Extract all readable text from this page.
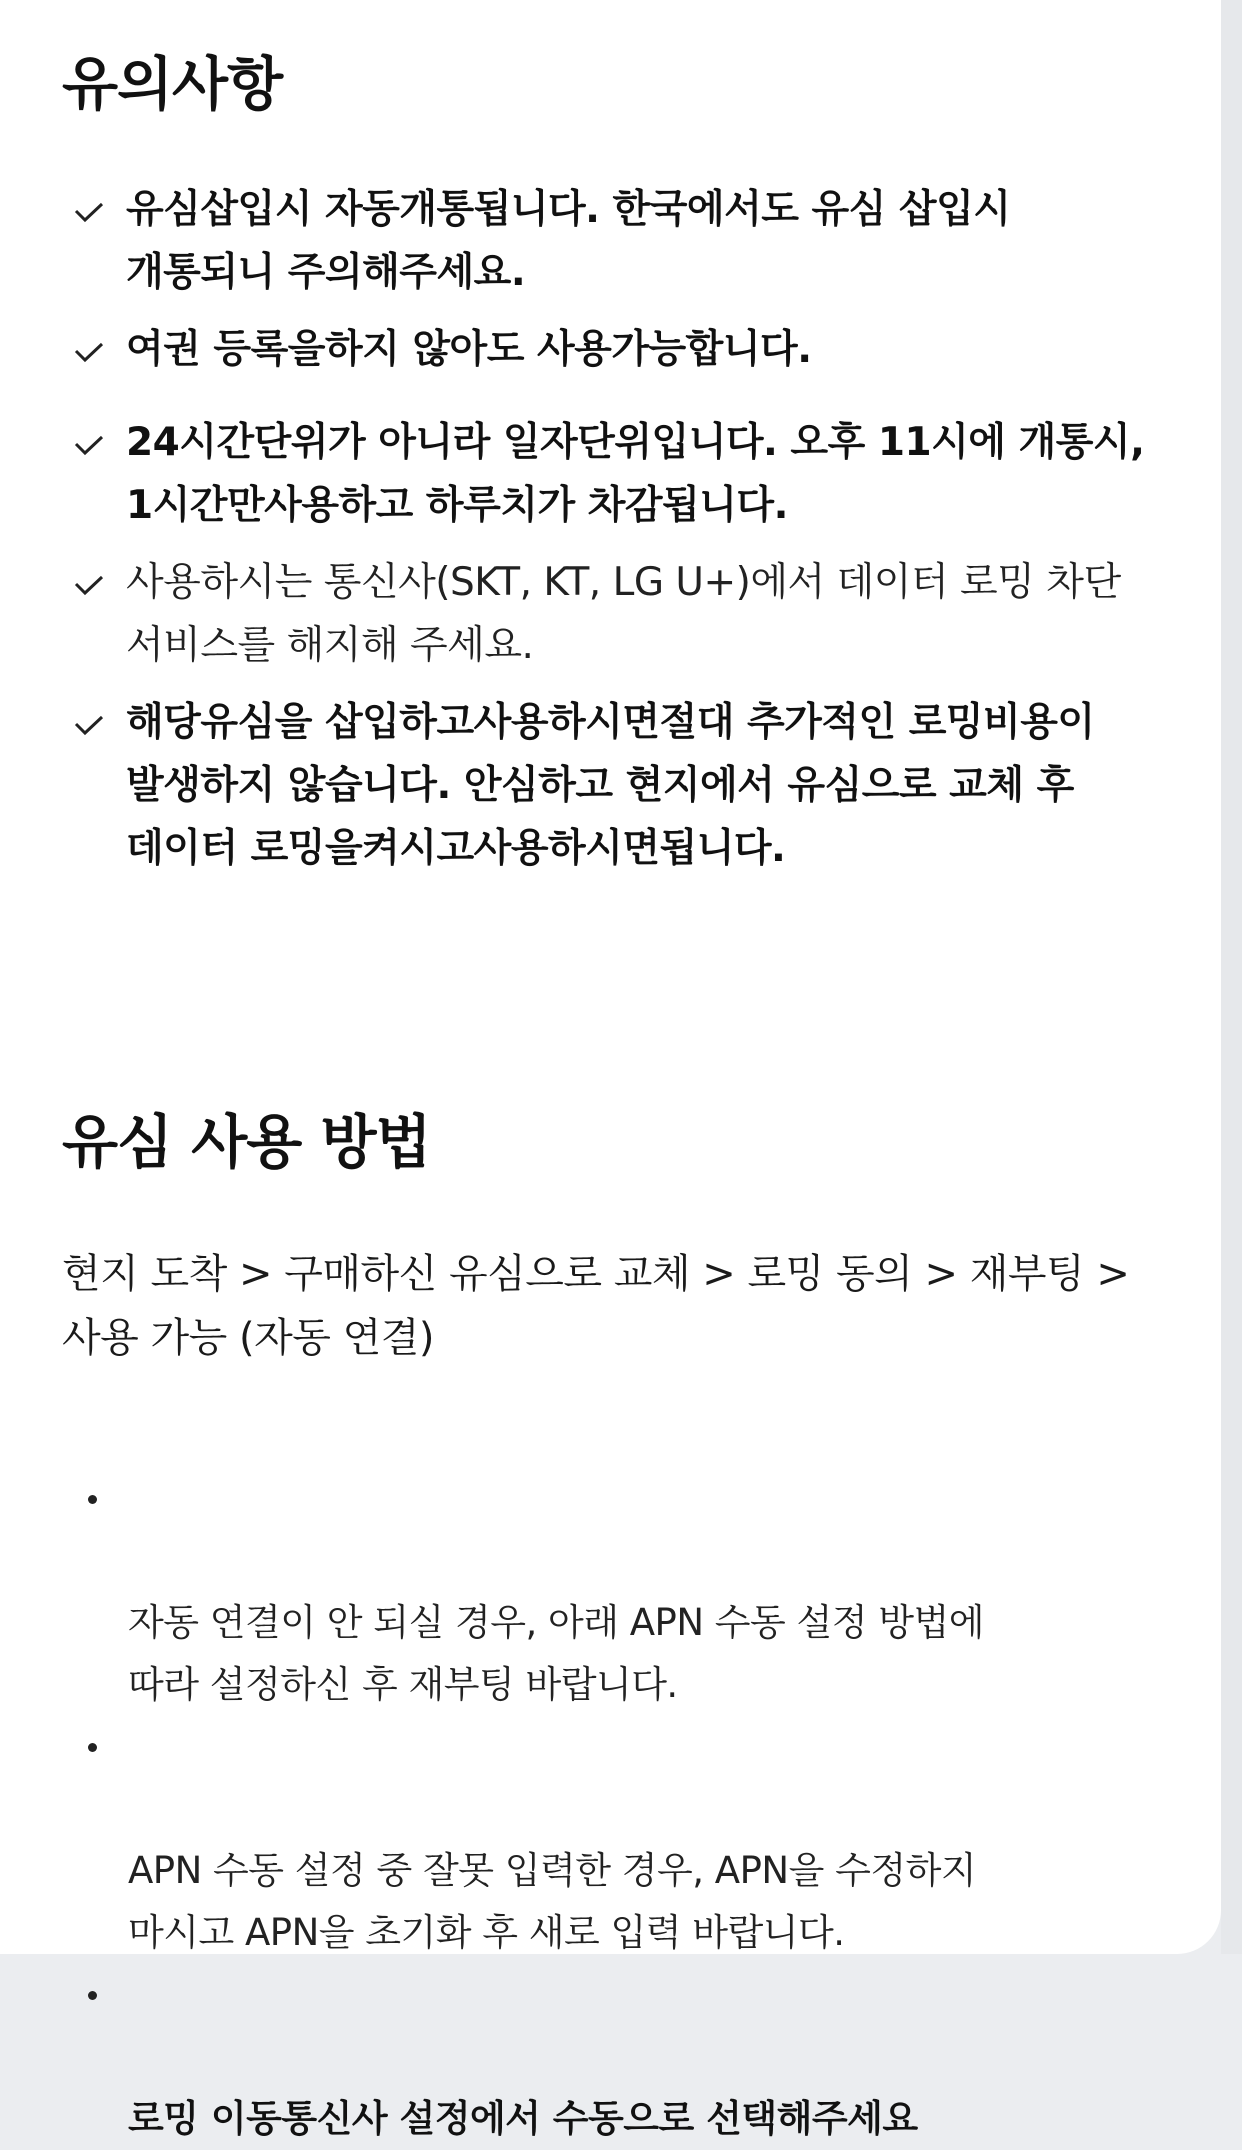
유의사항
유심삽입시 자동개통됩니다. 한국에서도 유심 삽입시
개통되니 주의해주세요.
여권 등록을하지 않아도 사용가능합니다.
24시간단위가 아니라 일자단위입니다. 오후 11시에 개통시,
1시간만사용하고 하루치가 차감됩니다.
사용하시는 통신사(SKT, KT, LG U+)에서 데이터 로밍 차단
서비스를 해지해 주세요.
해당유심을 삽입하고사용하시면절대 추가적인 로밍비용이
발생하지 않습니다. 안심하고 현지에서 유심으로 교체 후
데이터 로밍을켜시고사용하시면됩니다.
유심 사용 방법
현지 도착 > 구매하신 유심으로 교체 > 로밍 동의 > 재부팅 >
사용 가능 (자동 연결)

자동 연결이 안 되실 경우, 아래 APN 수동 설정 방법에
따라 설정하신 후 재부팅 바랍니다.

APN 수동 설정 중 잘못 입력한 경우, APN을 수정하지
마시고 APN을 초기화 후 새로 입력 바랍니다.

로밍 이동통신사 설정에서 수동으로 선택해주세요
